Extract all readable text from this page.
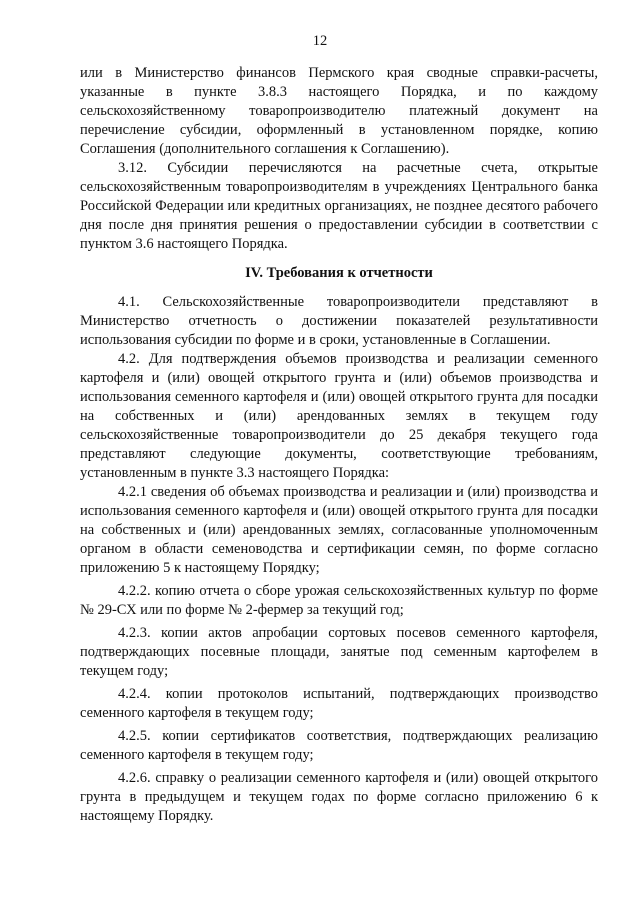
12

или в Министерство финансов Пермского края сводные справки-расчеты, указанные в пункте 3.8.3 настоящего Порядка, и по каждому сельскохозяйственному товаропроизводителю платежный документ на перечисление субсидии, оформленный в установленном порядке, копию Соглашения (дополнительного соглашения к Соглашению).

3.12. Субсидии перечисляются на расчетные счета, открытые сельскохозяйственным товаропроизводителям в учреждениях Центрального банка Российской Федерации или кредитных организациях, не позднее десятого рабочего дня после дня принятия решения о предоставлении субсидии в соответствии с пунктом 3.6 настоящего Порядка.

IV. Требования к отчетности

4.1. Сельскохозяйственные товаропроизводители представляют в Министерство отчетность о достижении показателей результативности использования субсидии по форме и в сроки, установленные в Соглашении.

4.2. Для подтверждения объемов производства и реализации семенного картофеля и (или) овощей открытого грунта и (или) объемов производства и использования семенного картофеля и (или) овощей открытого грунта для посадки на собственных и (или) арендованных землях в текущем году сельскохозяйственные товаропроизводители до 25 декабря текущего года представляют следующие документы, соответствующие требованиям, установленным в пункте 3.3 настоящего Порядка:

4.2.1 сведения об объемах производства и реализации и (или) производства и использования семенного картофеля и (или) овощей открытого грунта для посадки на собственных и (или) арендованных землях, согласованные уполномоченным органом в области семеноводства и сертификации семян, по форме согласно приложению 5 к настоящему Порядку;

4.2.2. копию отчета о сборе урожая сельскохозяйственных культур по форме № 29-СХ или по форме № 2-фермер за текущий год;

4.2.3. копии актов апробации сортовых посевов семенного картофеля, подтверждающих посевные площади, занятые под семенным картофелем в текущем году;

4.2.4. копии протоколов испытаний, подтверждающих производство семенного картофеля в текущем году;

4.2.5. копии сертификатов соответствия, подтверждающих реализацию семенного картофеля в текущем году;

4.2.6. справку о реализации семенного картофеля и (или) овощей открытого грунта в предыдущем и текущем годах по форме согласно приложению 6 к настоящему Порядку.
